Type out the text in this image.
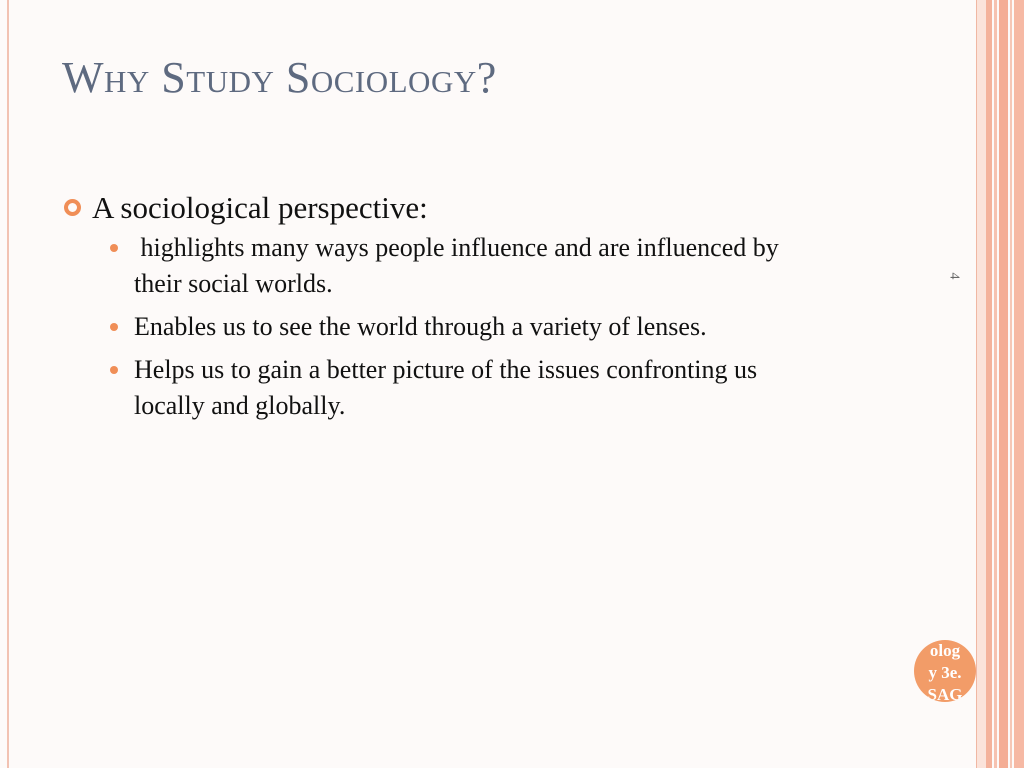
Why Study Sociology?
A sociological perspective:
highlights many ways people influence and are influenced by their social worlds.
Enables us to see the world through a variety of lenses.
Helps us to gain a better picture of the issues confronting us locally and globally.
4
olog
y 3e.
SAG
